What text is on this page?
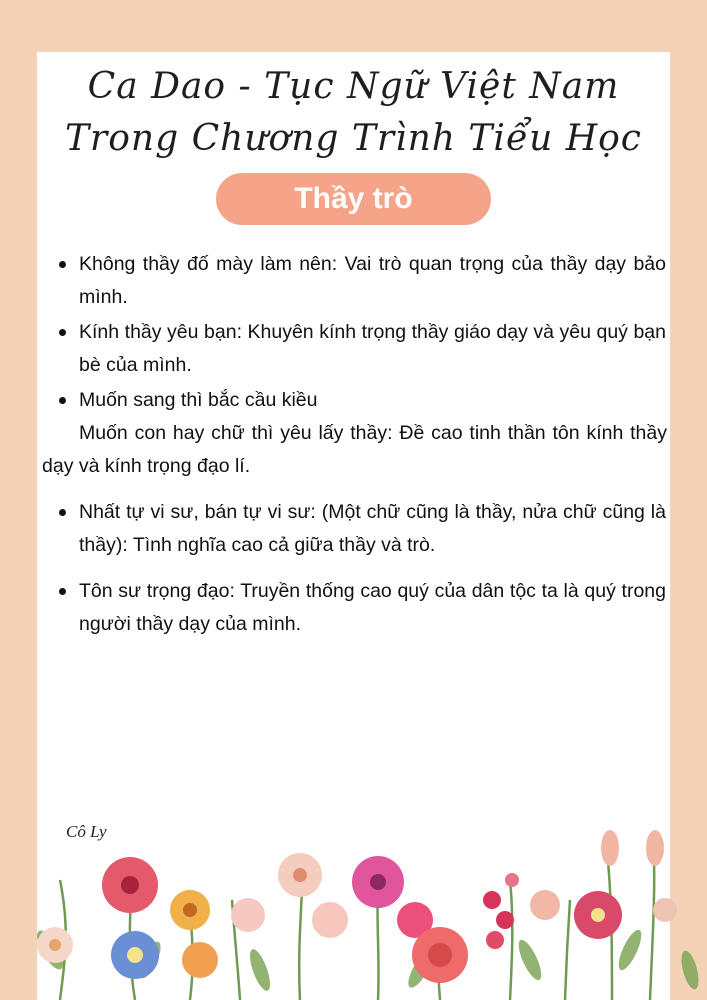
Ca Dao - Tục Ngữ Việt Nam
Trong Chương Trình Tiểu Học
Thầy trò
Không thầy đố mày làm nên: Vai trò quan trọng của thầy dạy bảo mình.
Kính thầy yêu bạn: Khuyên kính trọng thầy giáo dạy và yêu quý bạn bè của mình.
Muốn sang thì bắc cầu kiều
Muốn con hay chữ thì yêu lấy thầy: Đề cao tinh thần tôn kính thầy dạy và kính trọng đạo lí.
Nhất tự vi sư, bán tự vi sư: (Một chữ cũng là thầy, nửa chữ cũng là thầy): Tình nghĩa cao cả giữa thầy và trò.
Tôn sư trọng đạo: Truyền thống cao quý của dân tộc ta là quý trong người thầy dạy của mình.
Cô Ly
